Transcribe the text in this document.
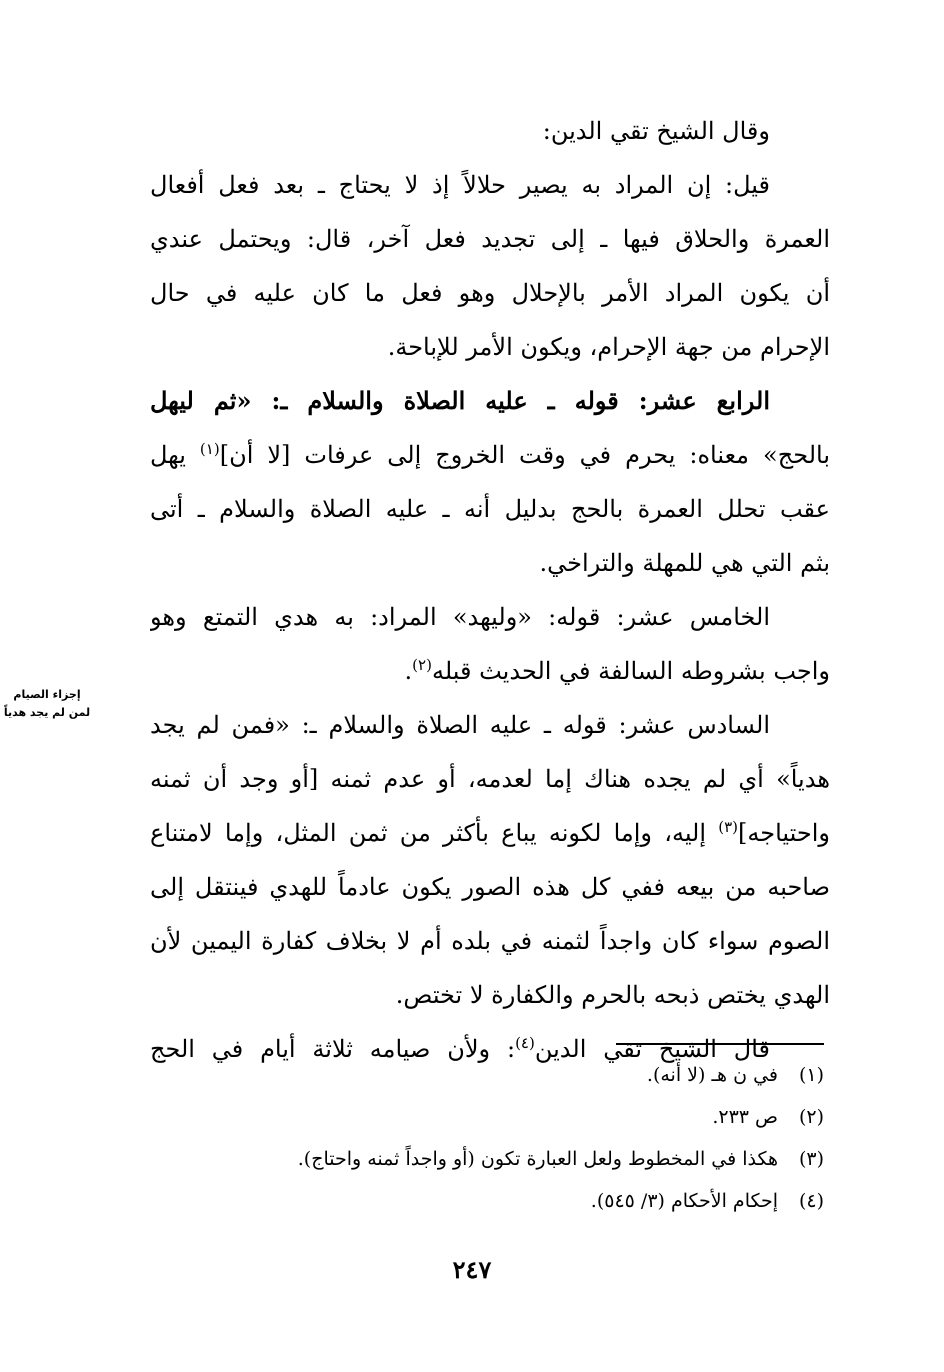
وقال الشيخ تقي الدين:
قيل: إن المراد به يصير حلالاً إذ لا يحتاج ـ بعد فعل أفعال
العمرة والحلاق فيها ـ إلى تجديد فعل آخر، قال: ويحتمل عندي
أن يكون المراد الأمر بالإحلال وهو فعل ما كان عليه في حال
الإحرام من جهة الإحرام، ويكون الأمر للإباحة.
الرابع عشر: قوله ـ عليه الصلاة والسلام ـ: «ثم ليهل
بالحج» معناه: يحرم في وقت الخروج إلى عرفات [لا أن]$^{(١)}$ يهل
عقب تحلل العمرة بالحج بدليل أنه ـ عليه الصلاة والسلام ـ أتى
بثم التي هي للمهلة والتراخي.
الخامس عشر: قوله: «وليهد» المراد: به هدي التمتع وهو
واجب بشروطه السالفة في الحديث قبله$^{(٢)}$.
السادس عشر: قوله ـ عليه الصلاة والسلام ـ: «فمن لم يجد
هدياً» أي لم يجده هناك إما لعدمه، أو عدم ثمنه [أو وجد أن ثمنه
واحتياجه]$^{(٣)}$ إليه، وإما لكونه يباع بأكثر من ثمن المثل، وإما لامتناع
صاحبه من بيعه ففي كل هذه الصور يكون عادماً للهدي فينتقل إلى
الصوم سواء كان واجداً لثمنه في بلده أم لا بخلاف كفارة اليمين لأن
الهدي يختص ذبحه بالحرم والكفارة لا تختص.
قال الشيخ تقي الدين$^{(٤)}$: ولأن صيامه ثلاثة أيام في الحج
إجزاء الصيام
لمن لم يجد هدياً
(١)
في ن هـ (لا أنه).
(٢)
ص ٢٣٣.
(٣)
هكذا في المخطوط ولعل العبارة تكون (أو واجداً ثمنه واحتاج).
(٤)
إحكام الأحكام (٣/ ٥٤٥).
٢٤٧
